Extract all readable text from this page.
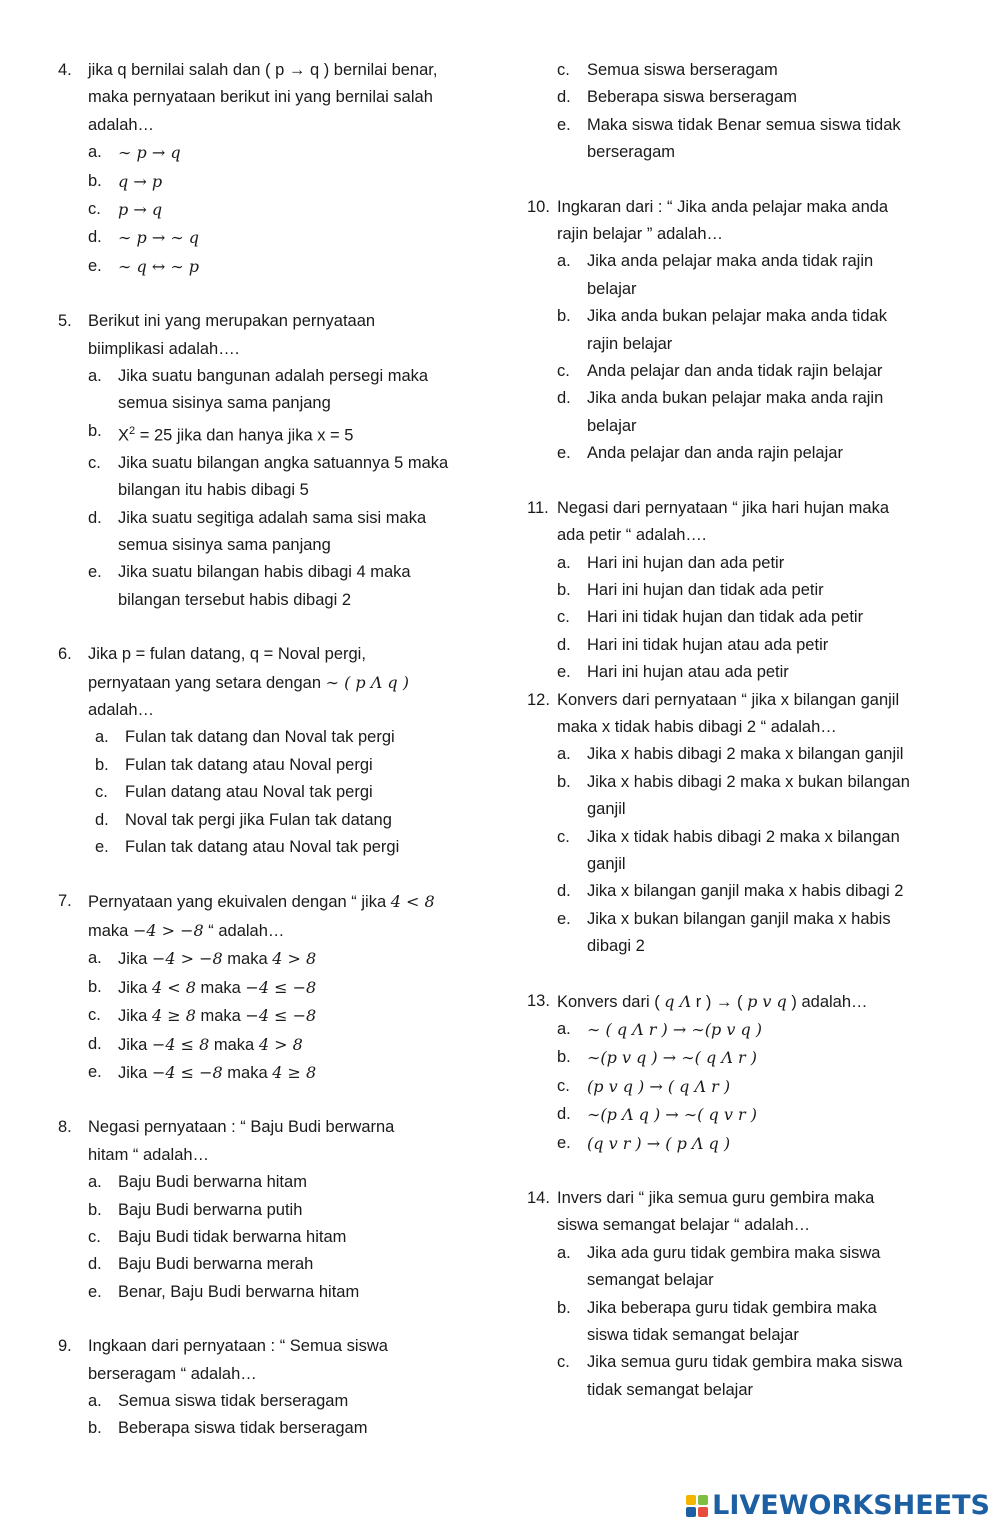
4. jika q bernilai salah dan ( p → q ) bernilai benar,
maka pernyataan berikut ini yang bernilai salah
adalah…
a. ∼ p → q
b. q → p
c. p → q
d. ∼ p → ∼ q
e. ∼ q ↔ ∼ p
5. Berikut ini yang merupakan pernyataan
biimplikasi adalah….
a. Jika suatu bangunan adalah persegi maka
semua sisinya sama panjang
b. $X^2 = 25$ jika dan hanya jika x = 5
c. Jika suatu bilangan angka satuannya 5 maka
bilangan itu habis dibagi 5
d. Jika suatu segitiga adalah sama sisi maka
semua sisinya sama panjang
e. Jika suatu bilangan habis dibagi 4 maka
bilangan tersebut habis dibagi 2
6. Jika p = fulan datang, q = Noval pergi,
pernyataan yang setara dengan ∼ ( p Λ q )
adalah…
a. Fulan tak datang dan Noval tak pergi
b. Fulan tak datang atau Noval pergi
c. Fulan datang atau Noval tak pergi
d. Noval tak pergi jika Fulan tak datang
e. Fulan tak datang atau Noval tak pergi
7. Pernyataan yang ekuivalen dengan “ jika 4 < 8
maka −4 > −8 “ adalah…
a. Jika −4 > −8 maka 4 > 8
b. Jika 4 < 8 maka −4 ≤ −8
c. Jika 4 ≥ 8 maka −4 ≤ −8
d. Jika −4 ≤ 8 maka 4 > 8
e. Jika −4 ≤ −8 maka 4 ≥ 8
8. Negasi pernyataan : “ Baju Budi berwarna
hitam “ adalah…
a. Baju Budi berwarna hitam
b. Baju Budi berwarna putih
c. Baju Budi tidak berwarna hitam
d. Baju Budi berwarna merah
e. Benar, Baju Budi berwarna hitam
9. Ingkaan dari pernyataan : “ Semua siswa
berseragam “ adalah…
a. Semua siswa tidak berseragam
b. Beberapa siswa tidak berseragam
c. Semua siswa berseragam
d. Beberapa siswa berseragam
e. Maka siswa tidak Benar semua siswa tidak
berseragam
10. Ingkaran dari : “ Jika anda pelajar maka anda
rajin belajar ” adalah…
a. Jika anda pelajar maka anda tidak rajin
belajar
b. Jika anda bukan pelajar maka anda tidak
rajin belajar
c. Anda pelajar dan anda tidak rajin belajar
d. Jika anda bukan pelajar maka anda rajin
belajar
e. Anda pelajar dan anda rajin pelajar
11. Negasi dari pernyataan “ jika hari hujan maka
ada petir “ adalah….
a. Hari ini hujan dan ada petir
b. Hari ini hujan dan tidak ada petir
c. Hari ini tidak hujan dan tidak ada petir
d. Hari ini tidak hujan atau ada petir
e. Hari ini hujan atau ada petir
12. Konvers dari pernyataan “ jika x bilangan ganjil
maka x tidak habis dibagi 2 “ adalah…
a. Jika x habis dibagi 2 maka x bilangan ganjil
b. Jika x habis dibagi 2 maka x bukan bilangan
ganjil
c. Jika x tidak habis dibagi 2 maka x bilangan
ganjil
d. Jika x bilangan ganjil maka x habis dibagi 2
e. Jika x bukan bilangan ganjil maka x habis
dibagi 2
13. Konvers dari ( q Λ r ) → ( p v q ) adalah…
a. ∼ ( q Λ r ) → ∼(p v q )
b. ∼(p v q ) → ∼( q Λ r )
c. (p v q ) → ( q Λ r )
d. ∼(p Λ q ) → ∼( q v r )
e. (q v r ) → ( p Λ q )
14. Invers dari “ jika semua guru gembira maka
siswa semangat belajar “ adalah…
a. Jika ada guru tidak gembira maka siswa
semangat belajar
b. Jika beberapa guru tidak gembira maka
siswa tidak semangat belajar
c. Jika semua guru tidak gembira maka siswa
tidak semangat belajar
LIVEWORKSHEETS
